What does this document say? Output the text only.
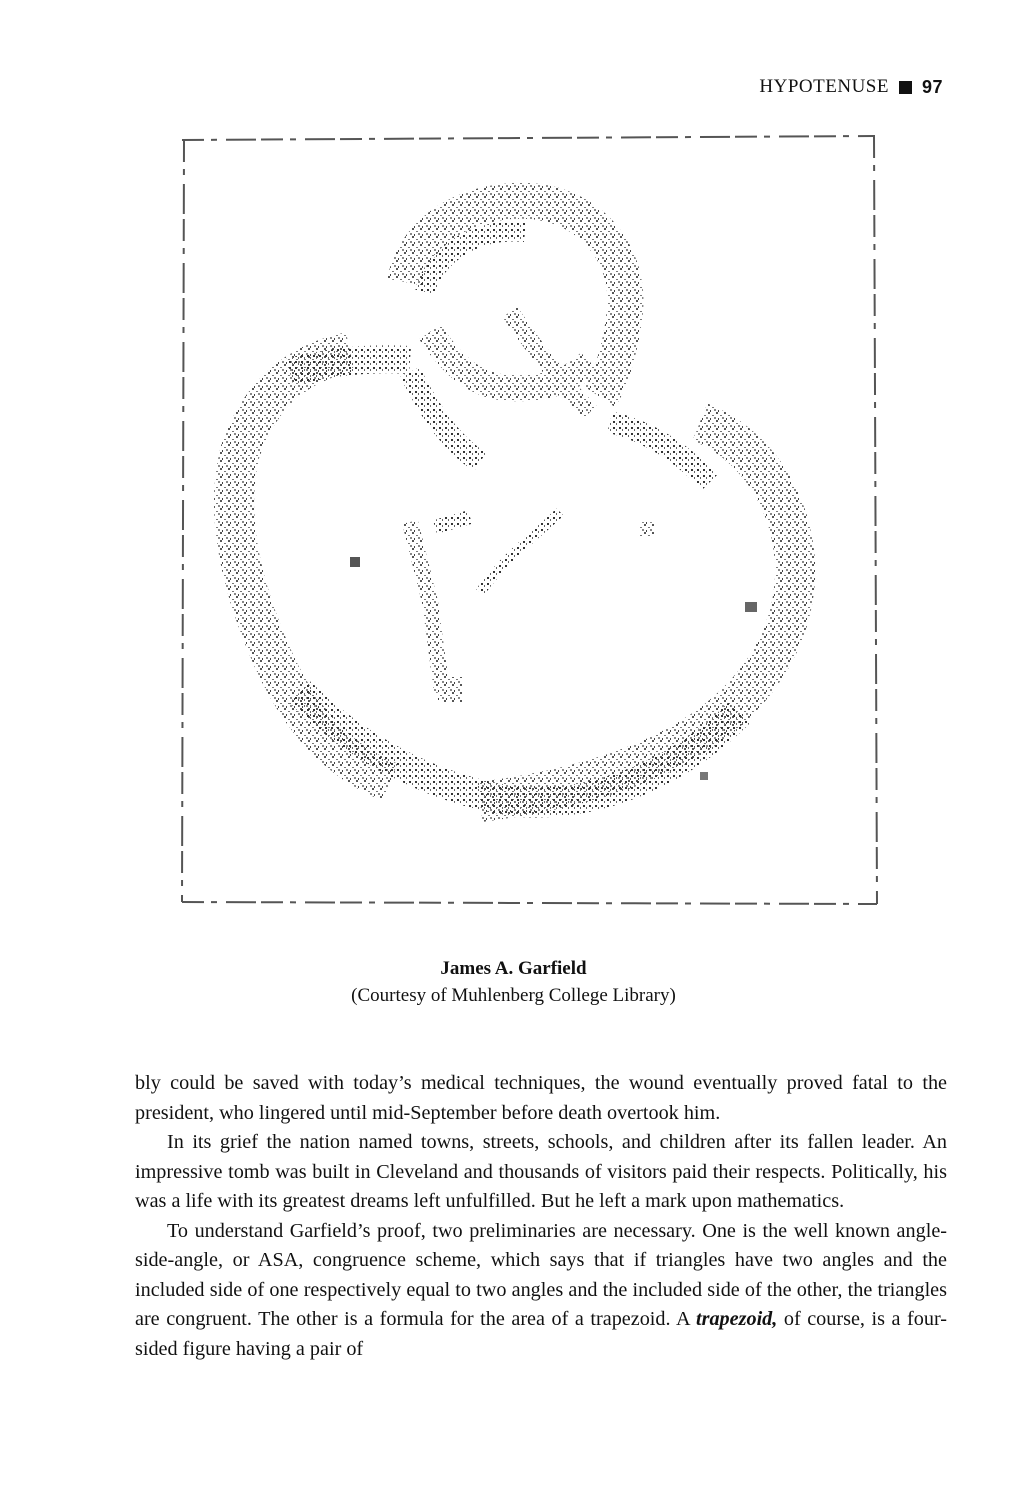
HYPOTENUSE 97
James A. Garfield
(Courtesy of Muhlenberg College Library)

bly could be saved with today’s medical techniques, the wound eventually proved fatal to the president, who lingered until mid-September before death overtook him.

In its grief the nation named towns, streets, schools, and children after its fallen leader. An impressive tomb was built in Cleveland and thousands of visitors paid their respects. Politically, his was a life with its greatest dreams left unfulfilled. But he left a mark upon mathematics.

To understand Garfield’s proof, two preliminaries are necessary. One is the well known angle-side-angle, or ASA, congruence scheme, which says that if triangles have two angles and the included side of one respectively equal to two angles and the included side of the other, the triangles are congruent. The other is a formula for the area of a trapezoid. A trapezoid, of course, is a four-sided figure having a pair of
